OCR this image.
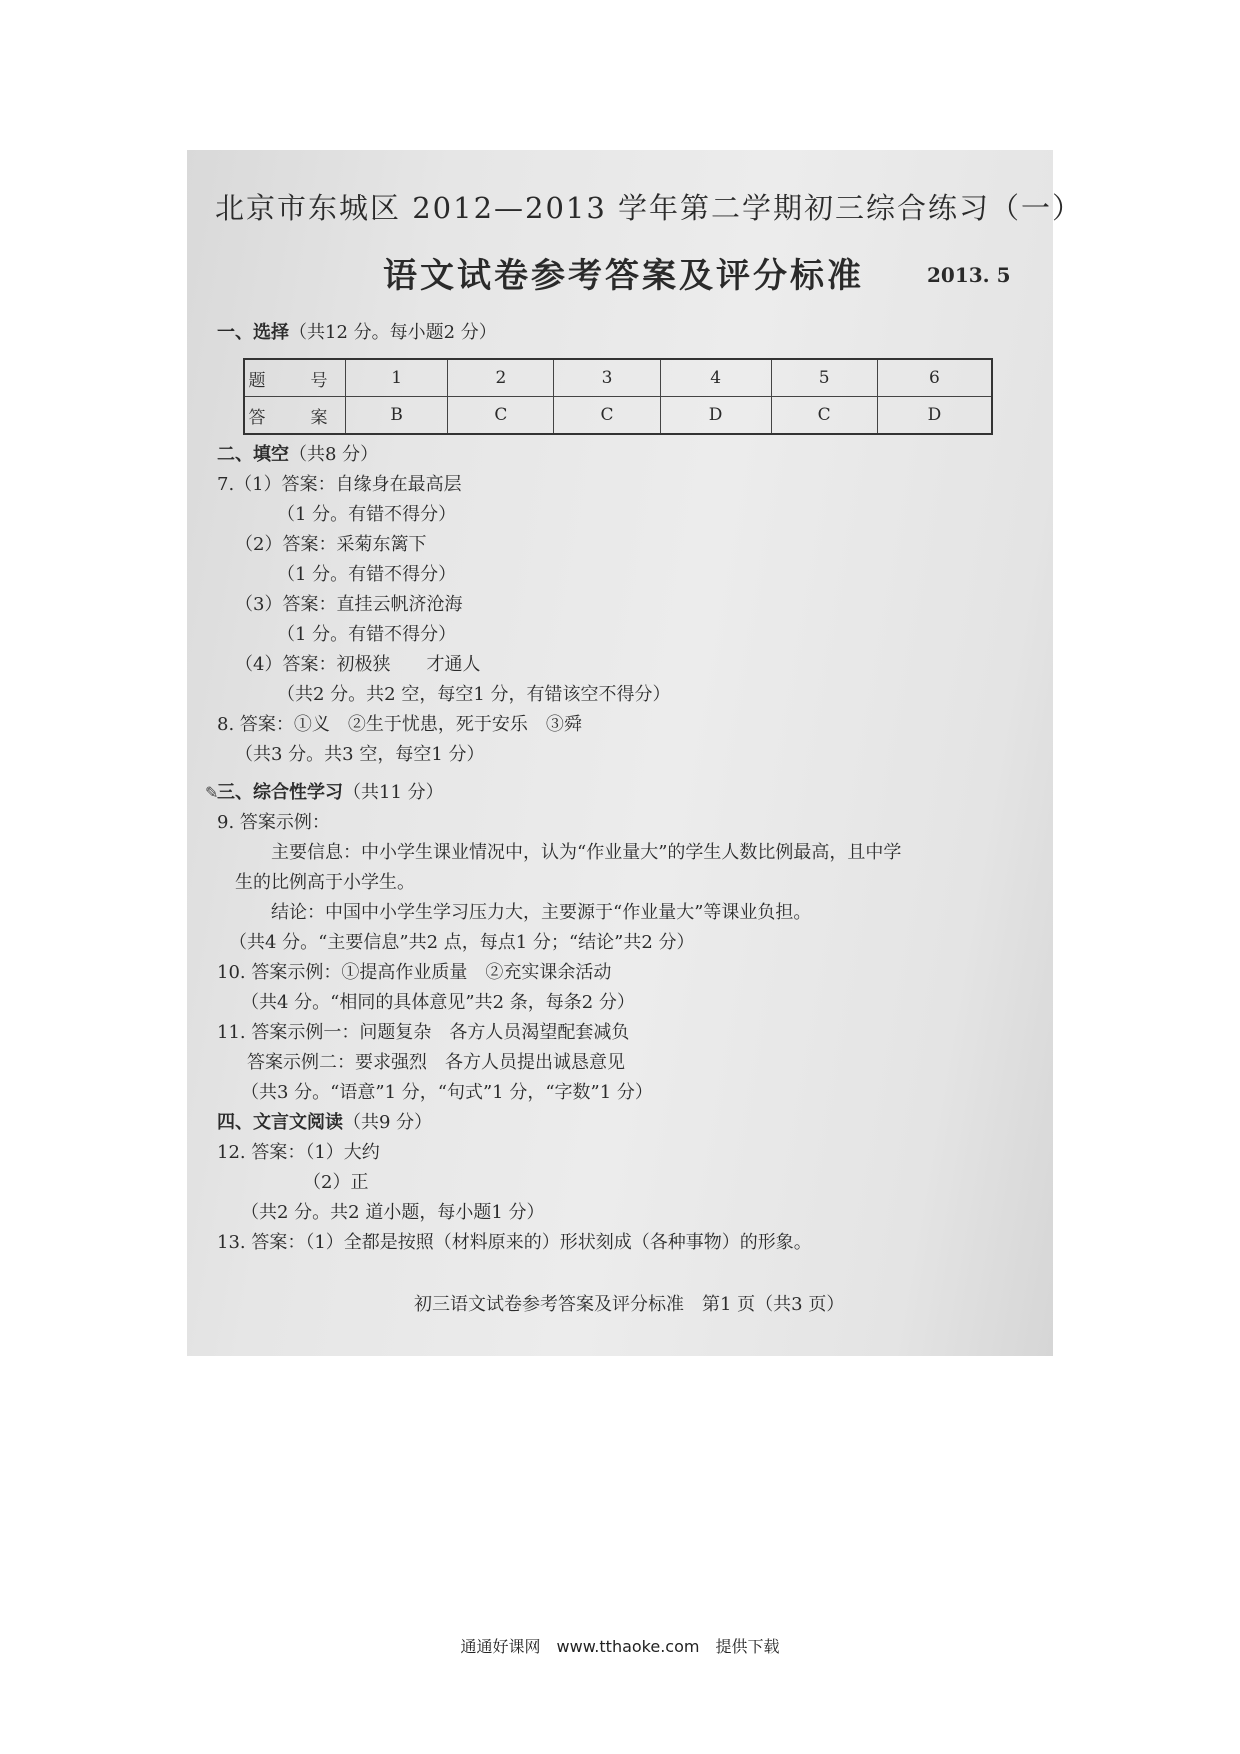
北京市东城区 2012—2013 学年第二学期初三综合练习（一）
语文试卷参考答案及评分标准	2013. 5
一、选择（共12 分。每小题2 分）
题　号	1	2	3	4	5	6
答　案	B	C	C	D	C	D
二、填空（共8 分）
7.（1）答案：自缘身在最高层
（1 分。有错不得分）
（2）答案：采菊东篱下
（1 分。有错不得分）
（3）答案：直挂云帆济沧海
（1 分。有错不得分）
（4）答案：初极狭　　才通人
（共2 分。共2 空，每空1 分，有错该空不得分）
8. 答案：①义　②生于忧患，死于安乐　③舜
（共3 分。共3 空，每空1 分）
✎
三、综合性学习（共11 分）
9. 答案示例：
主要信息：中小学生课业情况中，认为“作业量大”的学生人数比例最高，且中学
生的比例高于小学生。
结论：中国中小学生学习压力大，主要源于“作业量大”等课业负担。
（共4 分。“主要信息”共2 点，每点1 分；“结论”共2 分）
10. 答案示例：①提高作业质量　②充实课余活动
（共4 分。“相同的具体意见”共2 条，每条2 分）
11. 答案示例一：问题复杂　各方人员渴望配套减负
答案示例二：要求强烈　各方人员提出诚恳意见
（共3 分。“语意”1 分，“句式”1 分，“字数”1 分）
四、文言文阅读（共9 分）
12. 答案：（1）大约
（2）正
（共2 分。共2 道小题，每小题1 分）
13. 答案：（1）全都是按照（材料原来的）形状刻成（各种事物）的形象。
初三语文试卷参考答案及评分标准　第1 页（共3 页）
通通好课网　www.tthaoke.com　提供下载
